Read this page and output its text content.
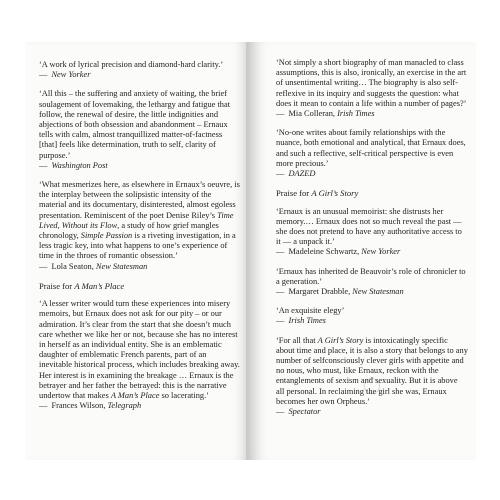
‘A work of lyrical precision and diamond-hard clarity.’
— New Yorker
‘All this – the suffering and anxiety of waiting, the brief soulagement of lovemaking, the lethargy and fatigue that follow, the renewal of desire, the little indignities and abjections of both obsession and abandonment – Ernaux tells with calm, almost tranquillized matter-of-factness [that] feels like determination, truth to self, clarity of purpose.’
— Washington Post
‘What mesmerizes here, as elsewhere in Ernaux’s oeuvre, is the interplay between the solipsistic intensity of the material and its documentary, disinterested, almost egoless presentation. Reminiscent of the poet Denise Riley’s Time Lived, Without its Flow, a study of how grief mangles chronology, Simple Passion is a riveting investigation, in a less tragic key, into what happens to one’s experience of time in the throes of romantic obsession.’
— Lola Seaton, New Statesman
Praise for A Man’s Place
‘A lesser writer would turn these experiences into misery memoirs, but Ernaux does not ask for our pity – or our admiration. It’s clear from the start that she doesn’t much care whether we like her or not, because she has no interest in herself as an individual entity. She is an emblematic daughter of emblematic French parents, part of an inevitable historical process, which includes breaking away. Her interest is in examining the breakage … Ernaux is the betrayer and her father the betrayed: this is the narrative undertow that makes A Man’s Place so lacerating.’
— Frances Wilson, Telegraph
‘Not simply a short biography of man manacled to class assumptions, this is also, ironically, an exercise in the art of unsentimental writing… The biography is also self-reflexive in its inquiry and suggests the question: what does it mean to contain a life within a number of pages?’
— Mia Colleran, Irish Times
‘No-one writes about family relationships with the nuance, both emotional and analytical, that Ernaux does, and such a reflective, self-critical perspective is even more precious.’
— DAZED
Praise for A Girl’s Story
‘Ernaux is an unusual memoirist: she distrusts her memory.… Ernaux does not so much reveal the past — she does not pretend to have any authoritative access to it — a unpack it.’
— Madeleine Schwartz, New Yorker
‘Ernaux has inherited de Beauvoir’s role of chronicler to a generation.’
— Margaret Drabble, New Statesman
‘An exquisite elegy’
— Irish Times
‘For all that A Girl’s Story is intoxicatingly specific about time and place, it is also a story that belongs to any number of selfconsciously clever girls with appetite and no nous, who must, like Ernaux, reckon with the entanglements of sexism and sexuality. But it is above all personal. In reclaiming the girl she was, Ernaux becomes her own Orpheus.’
— Spectator
